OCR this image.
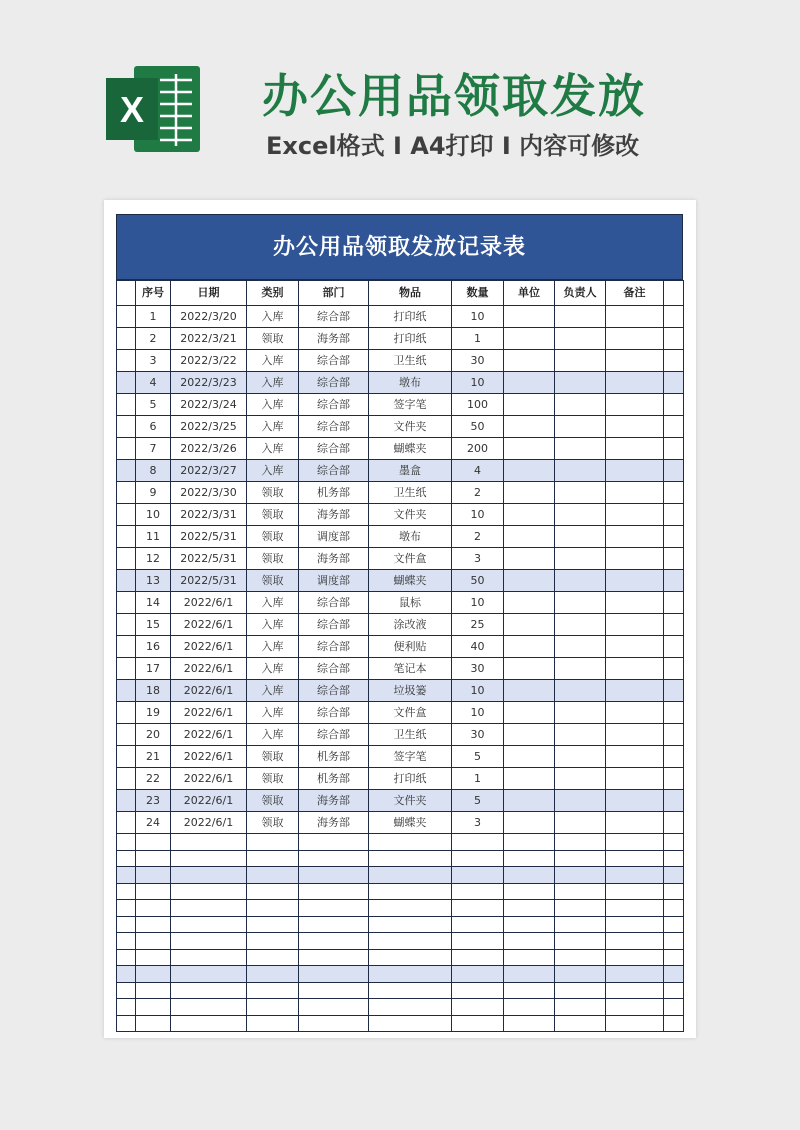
X	办公用品领取发放
Excel格式 I A4打印 I 内容可修改
办公用品领取发放记录表
	序号	日期	类别	部门	物品	数量	单位	负责人	备注	
	1	2022/3/20	入库	综合部	打印纸	10				
	2	2022/3/21	领取	海务部	打印纸	1				
	3	2022/3/22	入库	综合部	卫生纸	30				
	4	2022/3/23	入库	综合部	墩布	10				
	5	2022/3/24	入库	综合部	签字笔	100				
	6	2022/3/25	入库	综合部	文件夹	50				
	7	2022/3/26	入库	综合部	蝴蝶夹	200				
	8	2022/3/27	入库	综合部	墨盒	4				
	9	2022/3/30	领取	机务部	卫生纸	2				
	10	2022/3/31	领取	海务部	文件夹	10				
	11	2022/5/31	领取	调度部	墩布	2				
	12	2022/5/31	领取	海务部	文件盒	3				
	13	2022/5/31	领取	调度部	蝴蝶夹	50				
	14	2022/6/1	入库	综合部	鼠标	10				
	15	2022/6/1	入库	综合部	涂改液	25				
	16	2022/6/1	入库	综合部	便利贴	40				
	17	2022/6/1	入库	综合部	笔记本	30				
	18	2022/6/1	入库	综合部	垃圾篓	10				
	19	2022/6/1	入库	综合部	文件盒	10				
	20	2022/6/1	入库	综合部	卫生纸	30				
	21	2022/6/1	领取	机务部	签字笔	5				
	22	2022/6/1	领取	机务部	打印纸	1				
	23	2022/6/1	领取	海务部	文件夹	5				
	24	2022/6/1	领取	海务部	蝴蝶夹	3				
